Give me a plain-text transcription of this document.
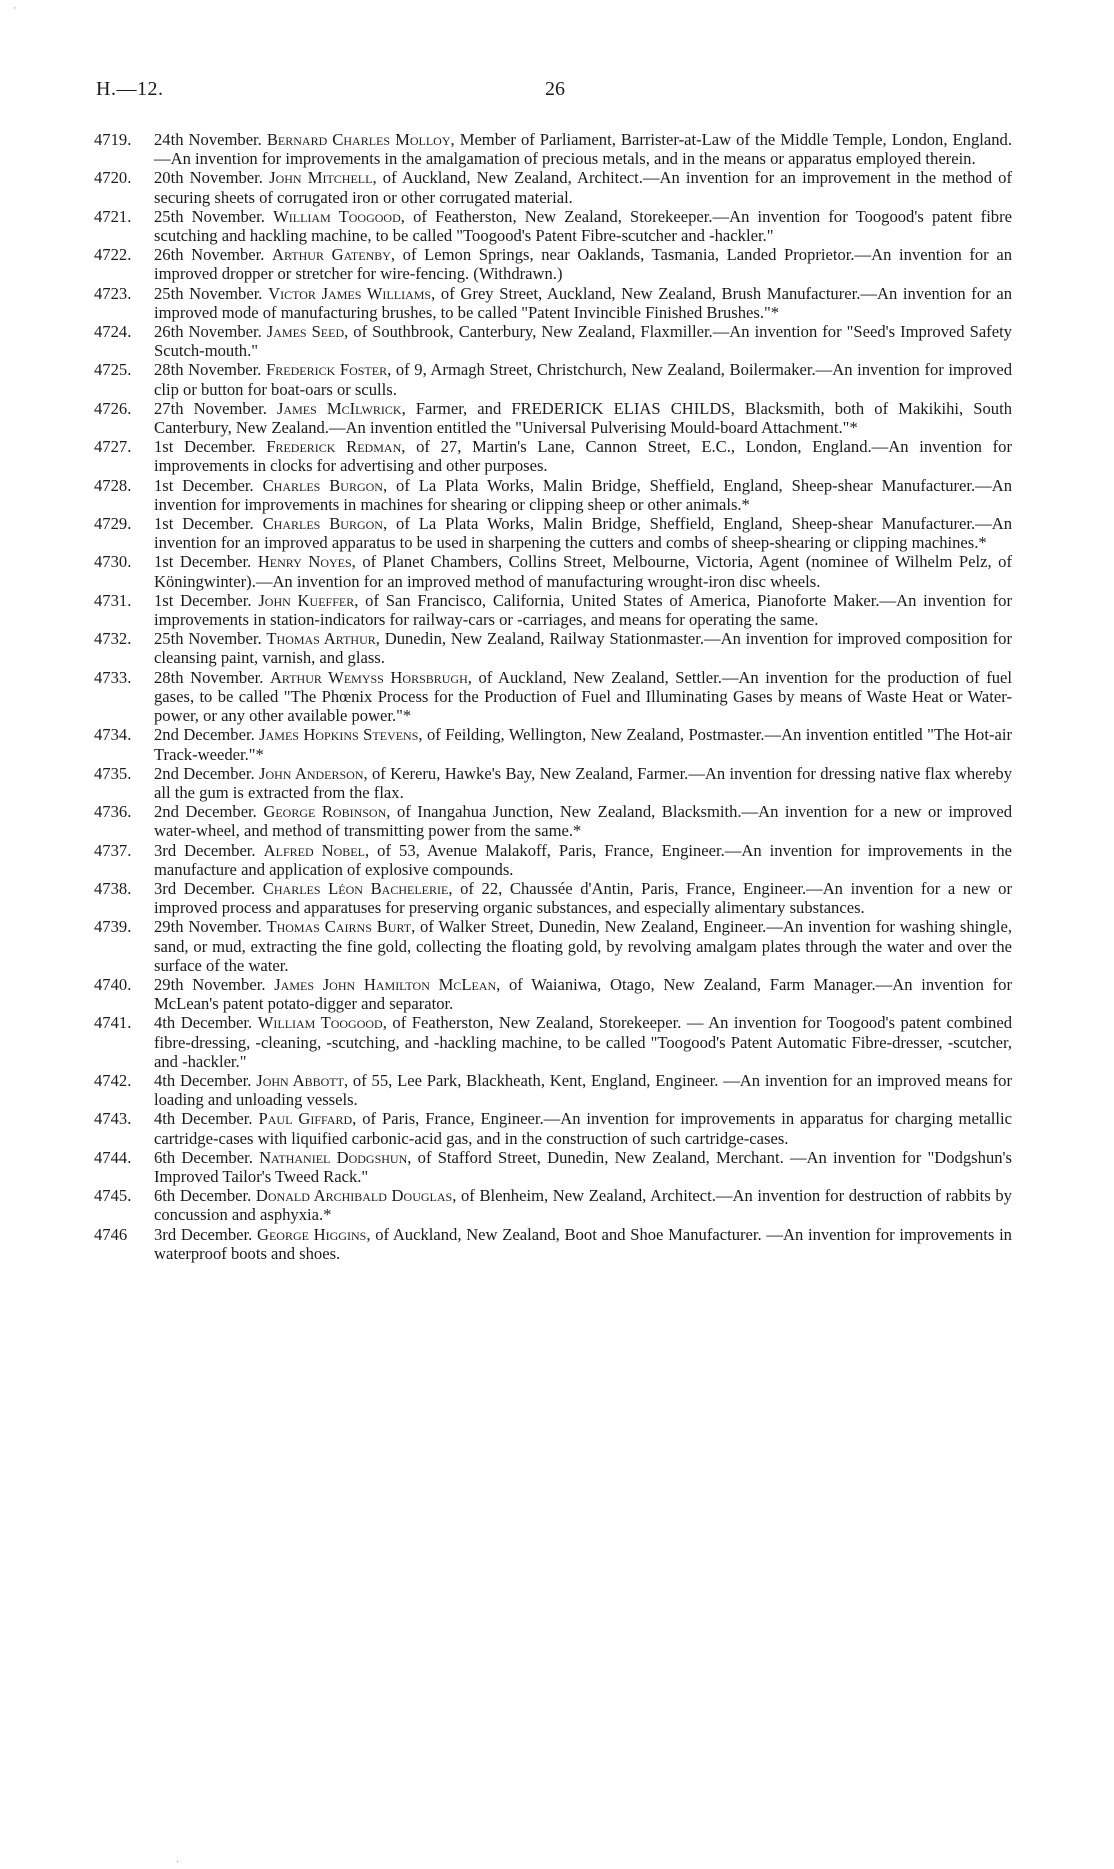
'
H.—12.	26
4719.	24th November. Bernard Charles Molloy, Member of Parliament, Barrister-at-Law of the Middle Temple, London, England.—An invention for improvements in the amalgamation of precious metals, and in the means or apparatus employed therein.
4720.	20th November. John Mitchell, of Auckland, New Zealand, Architect.—An invention for an improvement in the method of securing sheets of corrugated iron or other corrugated material.
4721.	25th November. William Toogood, of Featherston, New Zealand, Storekeeper.—An invention for Toogood's patent fibre scutching and hackling machine, to be called "Toogood's Patent Fibre-scutcher and -hackler."
4722.	26th November. Arthur Gatenby, of Lemon Springs, near Oaklands, Tasmania, Landed Proprietor.—An invention for an improved dropper or stretcher for wire-fencing. (Withdrawn.)
4723.	25th November. Victor James Williams, of Grey Street, Auckland, New Zealand, Brush Manufacturer.—An invention for an improved mode of manufacturing brushes, to be called "Patent Invincible Finished Brushes."*
4724.	26th November. James Seed, of Southbrook, Canterbury, New Zealand, Flaxmiller.—An invention for "Seed's Improved Safety Scutch-mouth."
4725.	28th November. Frederick Foster, of 9, Armagh Street, Christchurch, New Zealand, Boilermaker.—An invention for improved clip or button for boat-oars or sculls.
4726.	27th November. James McIlwrick, Farmer, and FREDERICK ELIAS CHILDS, Blacksmith, both of Makikihi, South Canterbury, New Zealand.—An invention entitled the "Universal Pulverising Mould-board Attachment."*
4727.	1st December. Frederick Redman, of 27, Martin's Lane, Cannon Street, E.C., London, England.—An invention for improvements in clocks for advertising and other purposes.
4728.	1st December. Charles Burgon, of La Plata Works, Malin Bridge, Sheffield, England, Sheep-shear Manufacturer.—An invention for improvements in machines for shearing or clipping sheep or other animals.*
4729.	1st December. Charles Burgon, of La Plata Works, Malin Bridge, Sheffield, England, Sheep-shear Manufacturer.—An invention for an improved apparatus to be used in sharpening the cutters and combs of sheep-shearing or clipping machines.*
4730.	1st December. Henry Noyes, of Planet Chambers, Collins Street, Melbourne, Victoria, Agent (nominee of Wilhelm Pelz, of Köningwinter).—An invention for an improved method of manufacturing wrought-iron disc wheels.
4731.	1st December. John Kueffer, of San Francisco, California, United States of America, Pianoforte Maker.—An invention for improvements in station-indicators for railway-cars or -carriages, and means for operating the same.
4732.	25th November. Thomas Arthur, Dunedin, New Zealand, Railway Stationmaster.—An invention for improved composition for cleansing paint, varnish, and glass.
4733.	28th November. Arthur Wemyss Horsbrugh, of Auckland, New Zealand, Settler.—An invention for the production of fuel gases, to be called "The Phœnix Process for the Production of Fuel and Illuminating Gases by means of Waste Heat or Water-power, or any other available power."*
4734.	2nd December. James Hopkins Stevens, of Feilding, Wellington, New Zealand, Postmaster.—An invention entitled "The Hot-air Track-weeder."*
4735.	2nd December. John Anderson, of Kereru, Hawke's Bay, New Zealand, Farmer.—An invention for dressing native flax whereby all the gum is extracted from the flax.
4736.	2nd December. George Robinson, of Inangahua Junction, New Zealand, Blacksmith.—An invention for a new or improved water-wheel, and method of transmitting power from the same.*
4737.	3rd December. Alfred Nobel, of 53, Avenue Malakoff, Paris, France, Engineer.—An invention for improvements in the manufacture and application of explosive compounds.
4738.	3rd December. Charles Léon Bachelerie, of 22, Chaussée d'Antin, Paris, France, Engineer.—An invention for a new or improved process and apparatuses for preserving organic substances, and especially alimentary substances.
4739.	29th November. Thomas Cairns Burt, of Walker Street, Dunedin, New Zealand, Engineer.—An invention for washing shingle, sand, or mud, extracting the fine gold, collecting the floating gold, by revolving amalgam plates through the water and over the surface of the water.
4740.	29th November. James John Hamilton McLean, of Waianiwa, Otago, New Zealand, Farm Manager.—An invention for McLean's patent potato-digger and separator.
4741.	4th December. William Toogood, of Featherston, New Zealand, Storekeeper. — An invention for Toogood's patent combined fibre-dressing, -cleaning, -scutching, and -hackling machine, to be called "Toogood's Patent Automatic Fibre-dresser, -scutcher, and -hackler."
4742.	4th December. John Abbott, of 55, Lee Park, Blackheath, Kent, England, Engineer. —An invention for an improved means for loading and unloading vessels.
4743.	4th December. Paul Giffard, of Paris, France, Engineer.—An invention for improvements in apparatus for charging metallic cartridge-cases with liquified carbonic-acid gas, and in the construction of such cartridge-cases.
4744.	6th December. Nathaniel Dodgshun, of Stafford Street, Dunedin, New Zealand, Merchant. —An invention for "Dodgshun's Improved Tailor's Tweed Rack."
4745.	6th December. Donald Archibald Douglas, of Blenheim, New Zealand, Architect.—An invention for destruction of rabbits by concussion and asphyxia.*
4746	3rd December. George Higgins, of Auckland, New Zealand, Boot and Shoe Manufacturer. —An invention for improvements in waterproof boots and shoes.
·
